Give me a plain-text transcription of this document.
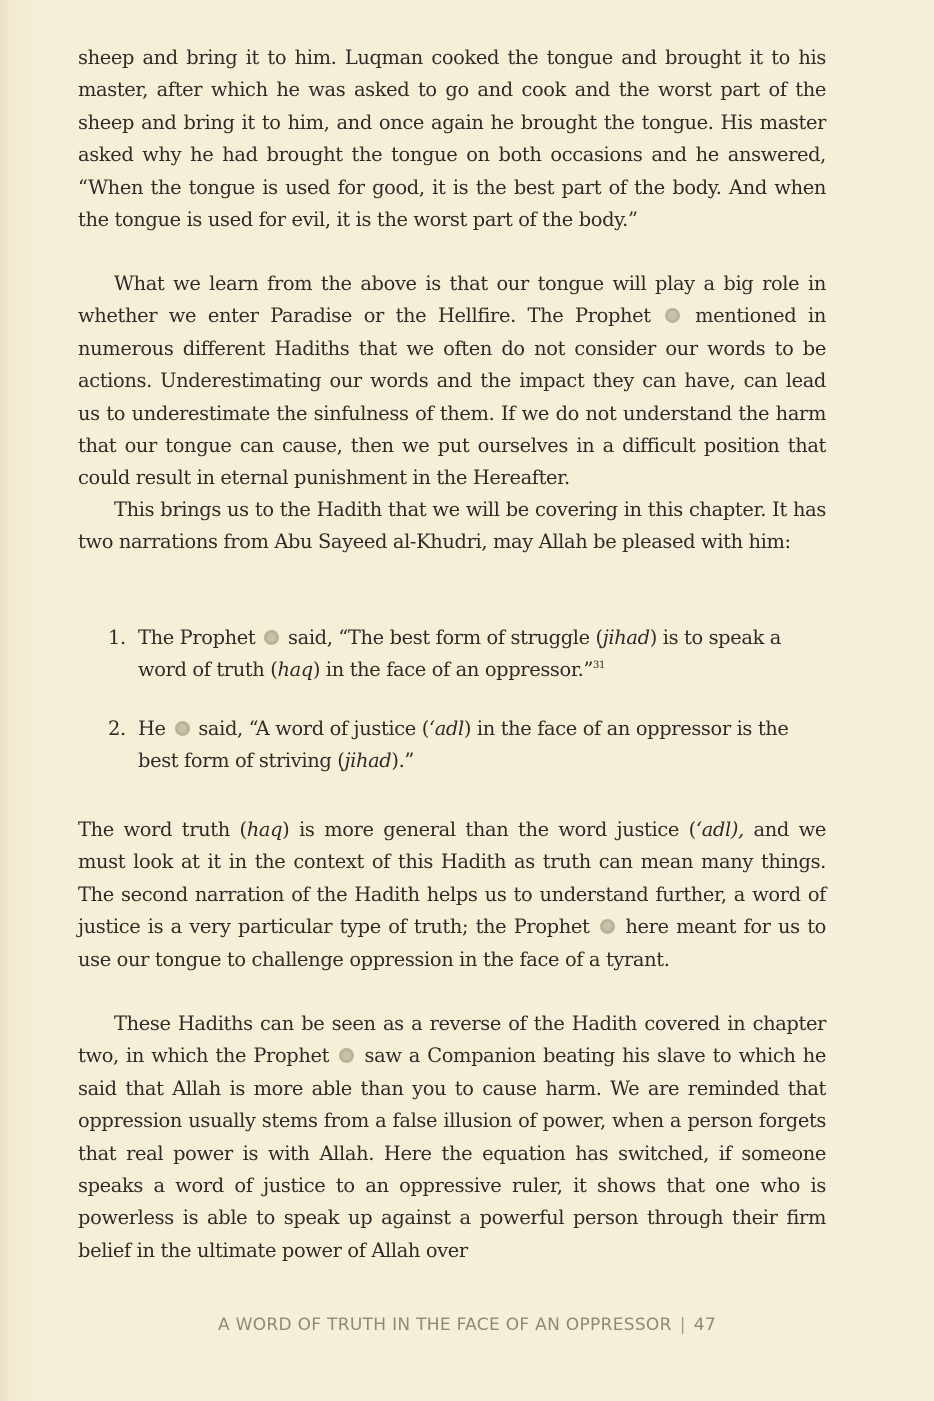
sheep and bring it to him. Luqman cooked the tongue and brought it to his master, after which he was asked to go and cook and the worst part of the sheep and bring it to him, and once again he brought the tongue. His master asked why he had brought the tongue on both occasions and he answered, “When the tongue is used for good, it is the best part of the body. And when the tongue is used for evil, it is the worst part of the body.”

What we learn from the above is that our tongue will play a big role in whether we enter Paradise or the Hellfire. The Prophet mentioned in numerous different Hadiths that we often do not consider our words to be actions. Underestimating our words and the impact they can have, can lead us to underestimate the sinfulness of them. If we do not understand the harm that our tongue can cause, then we put ourselves in a difficult position that could result in eternal punishment in the Hereafter.

This brings us to the Hadith that we will be covering in this chapter. It has two narrations from Abu Sayeed al-Khudri, may Allah be pleased with him:

1. The Prophet  said, “The best form of struggle (jihad) is to speak a word of truth (haq) in the face of an oppressor.”$^{31}$
2. He  said, “A word of justice (‘adl) in the face of an oppressor is the best form of striving (jihad).”

The word truth (haq) is more general than the word justice (‘adl), and we must look at it in the context of this Hadith as truth can mean many things. The second narration of the Hadith helps us to understand further, a word of justice is a very particular type of truth; the Prophet here meant for us to use our tongue to challenge oppression in the face of a tyrant.

These Hadiths can be seen as a reverse of the Hadith covered in chapter two, in which the Prophet saw a Companion beating his slave to which he said that Allah is more able than you to cause harm. We are reminded that oppression usually stems from a false illusion of power, when a person forgets that real power is with Allah. Here the equation has switched, if someone speaks a word of justice to an oppressive ruler, it shows that one who is powerless is able to speak up against a powerful person through their firm belief in the ultimate power of Allah over

A WORD OF TRUTH IN THE FACE OF AN OPPRESSOR | 47
